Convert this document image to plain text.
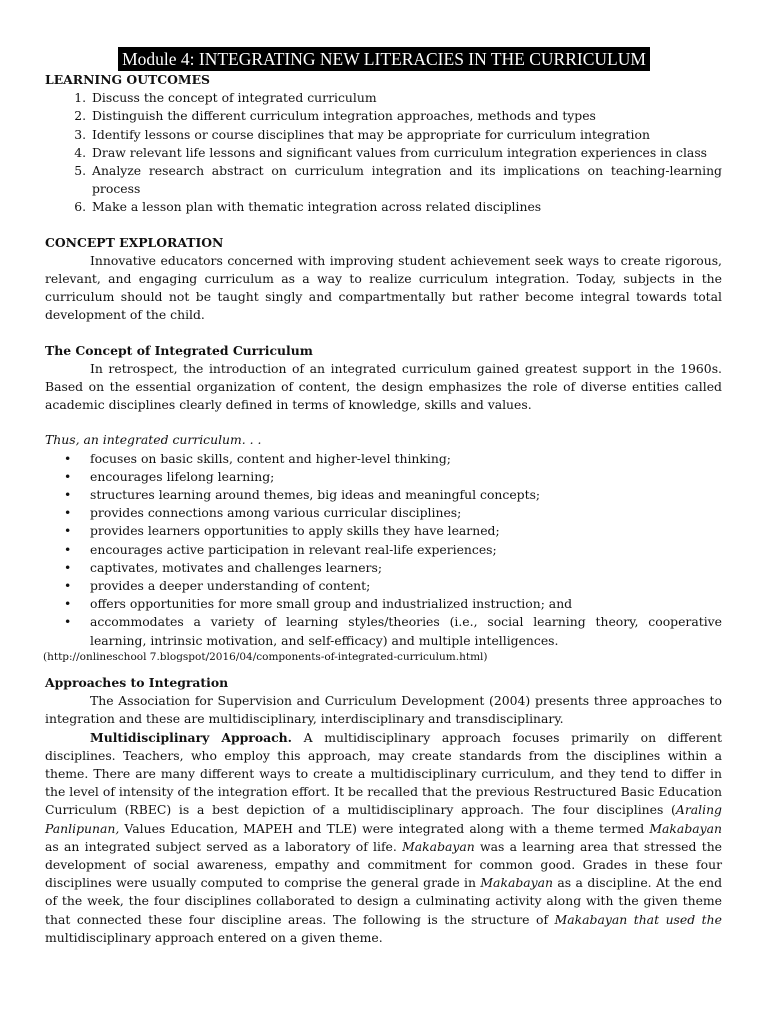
Module 4: INTEGRATING NEW LITERACIES IN THE CURRICULUM
LEARNING OUTCOMES
1. Discuss the concept of integrated curriculum
2. Distinguish the different curriculum integration approaches, methods and types
3. Identify lessons or course disciplines that may be appropriate for curriculum integration
4. Draw relevant life lessons and significant values from curriculum integration experiences in class
5. Analyze research abstract on curriculum integration and its implications on teaching-learning process
6. Make a lesson plan with thematic integration across related disciplines
CONCEPT EXPLORATION
Innovative educators concerned with improving student achievement seek ways to create rigorous, relevant, and engaging curriculum as a way to realize curriculum integration. Today, subjects in the curriculum should not be taught singly and compartmentally but rather become integral towards total development of the child.
The Concept of Integrated Curriculum
In retrospect, the introduction of an integrated curriculum gained greatest support in the 1960s. Based on the essential organization of content, the design emphasizes the role of diverse entities called academic disciplines clearly defined in terms of knowledge, skills and values.
Thus, an integrated curriculum. . .
• focuses on basic skills, content and higher-level thinking;
• encourages lifelong learning;
• structures learning around themes, big ideas and meaningful concepts;
• provides connections among various curricular disciplines;
• provides learners opportunities to apply skills they have learned;
• encourages active participation in relevant real-life experiences;
• captivates, motivates and challenges learners;
• provides a deeper understanding of content;
• offers opportunities for more small group and industrialized instruction; and
• accommodates a variety of learning styles/theories (i.e., social learning theory, cooperative learning, intrinsic motivation, and self-efficacy) and multiple intelligences.
(http://onlineschool 7.blogspot/2016/04/components-of-integrated-curriculum.html)
Approaches to Integration
The Association for Supervision and Curriculum Development (2004) presents three approaches to integration and these are multidisciplinary, interdisciplinary and transdisciplinary.
Multidisciplinary Approach. A multidisciplinary approach focuses primarily on different disciplines. Teachers, who employ this approach, may create standards from the disciplines within a theme. There are many different ways to create a multidisciplinary curriculum, and they tend to differ in the level of intensity of the integration effort. It be recalled that the previous Restructured Basic Education Curriculum (RBEC) is a best depiction of a multidisciplinary approach. The four disciplines (Araling Panlipunan, Values Education, MAPEH and TLE) were integrated along with a theme termed Makabayan as an integrated subject served as a laboratory of life. Makabayan was a learning area that stressed the development of social awareness, empathy and commitment for common good. Grades in these four disciplines were usually computed to comprise the general grade in Makabayan as a discipline. At the end of the week, the four disciplines collaborated to design a culminating activity along with the given theme that connected these four discipline areas. The following is the structure of Makabayan that used the multidisciplinary approach entered on a given theme.
